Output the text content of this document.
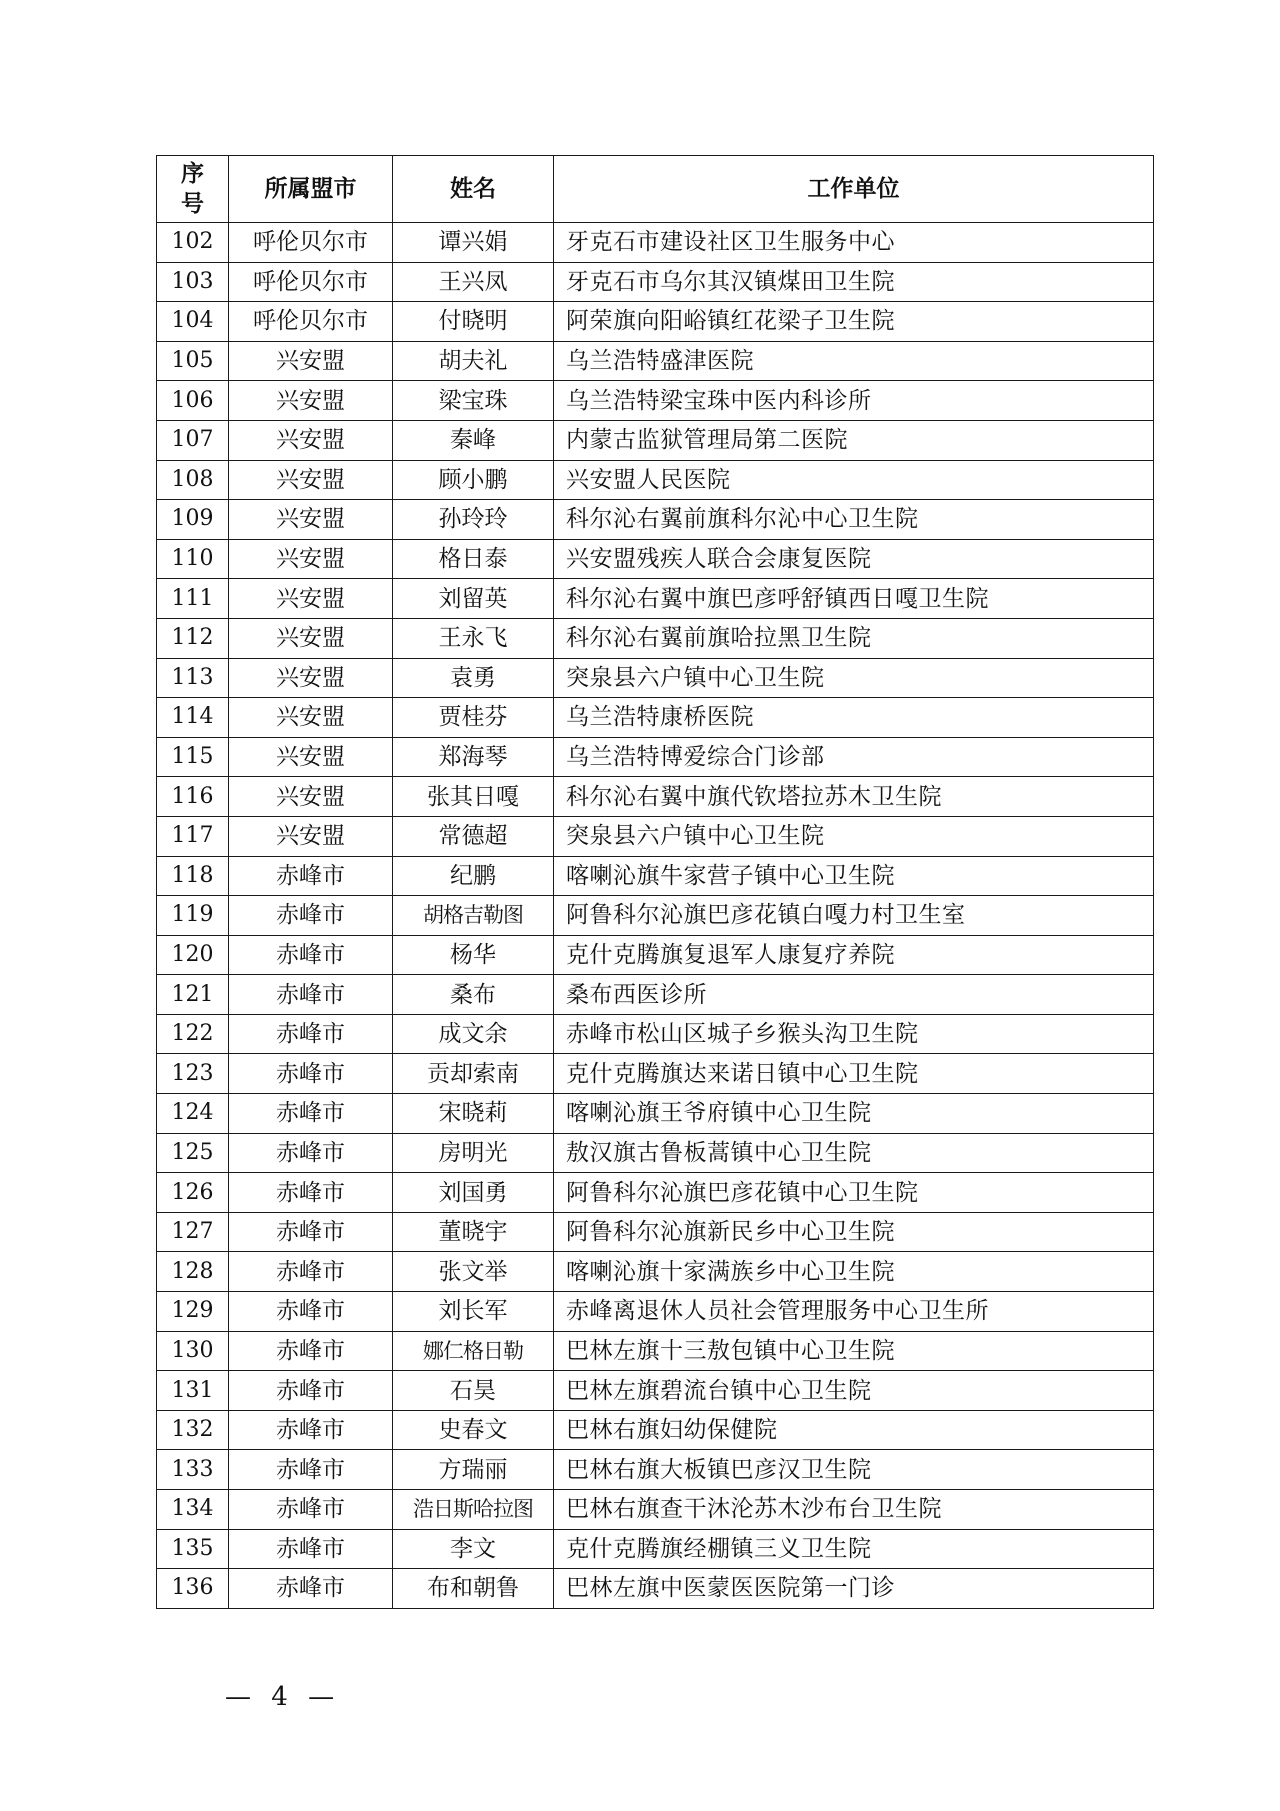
序
号	所属盟市	姓名	工作单位
102	呼伦贝尔市	谭兴娟	牙克石市建设社区卫生服务中心
103	呼伦贝尔市	王兴凤	牙克石市乌尔其汉镇煤田卫生院
104	呼伦贝尔市	付晓明	阿荣旗向阳峪镇红花梁子卫生院
105	兴安盟	胡夫礼	乌兰浩特盛津医院
106	兴安盟	梁宝珠	乌兰浩特梁宝珠中医内科诊所
107	兴安盟	秦峰	内蒙古监狱管理局第二医院
108	兴安盟	顾小鹏	兴安盟人民医院
109	兴安盟	孙玲玲	科尔沁右翼前旗科尔沁中心卫生院
110	兴安盟	格日泰	兴安盟残疾人联合会康复医院
111	兴安盟	刘留英	科尔沁右翼中旗巴彦呼舒镇西日嘎卫生院
112	兴安盟	王永飞	科尔沁右翼前旗哈拉黑卫生院
113	兴安盟	袁勇	突泉县六户镇中心卫生院
114	兴安盟	贾桂芬	乌兰浩特康桥医院
115	兴安盟	郑海琴	乌兰浩特博爱综合门诊部
116	兴安盟	张其日嘎	科尔沁右翼中旗代钦塔拉苏木卫生院
117	兴安盟	常德超	突泉县六户镇中心卫生院
118	赤峰市	纪鹏	喀喇沁旗牛家营子镇中心卫生院
119	赤峰市	胡格吉勒图	阿鲁科尔沁旗巴彦花镇白嘎力村卫生室
120	赤峰市	杨华	克什克腾旗复退军人康复疗养院
121	赤峰市	桑布	桑布西医诊所
122	赤峰市	成文余	赤峰市松山区城子乡猴头沟卫生院
123	赤峰市	贡却索南	克什克腾旗达来诺日镇中心卫生院
124	赤峰市	宋晓莉	喀喇沁旗王爷府镇中心卫生院
125	赤峰市	房明光	敖汉旗古鲁板蒿镇中心卫生院
126	赤峰市	刘国勇	阿鲁科尔沁旗巴彦花镇中心卫生院
127	赤峰市	董晓宇	阿鲁科尔沁旗新民乡中心卫生院
128	赤峰市	张文举	喀喇沁旗十家满族乡中心卫生院
129	赤峰市	刘长军	赤峰离退休人员社会管理服务中心卫生所
130	赤峰市	娜仁格日勒	巴林左旗十三敖包镇中心卫生院
131	赤峰市	石昊	巴林左旗碧流台镇中心卫生院
132	赤峰市	史春文	巴林右旗妇幼保健院
133	赤峰市	方瑞丽	巴林右旗大板镇巴彦汉卫生院
134	赤峰市	浩日斯哈拉图	巴林右旗查干沐沦苏木沙布台卫生院
135	赤峰市	李文	克什克腾旗经棚镇三义卫生院
136	赤峰市	布和朝鲁	巴林左旗中医蒙医医院第一门诊
— 4 —
